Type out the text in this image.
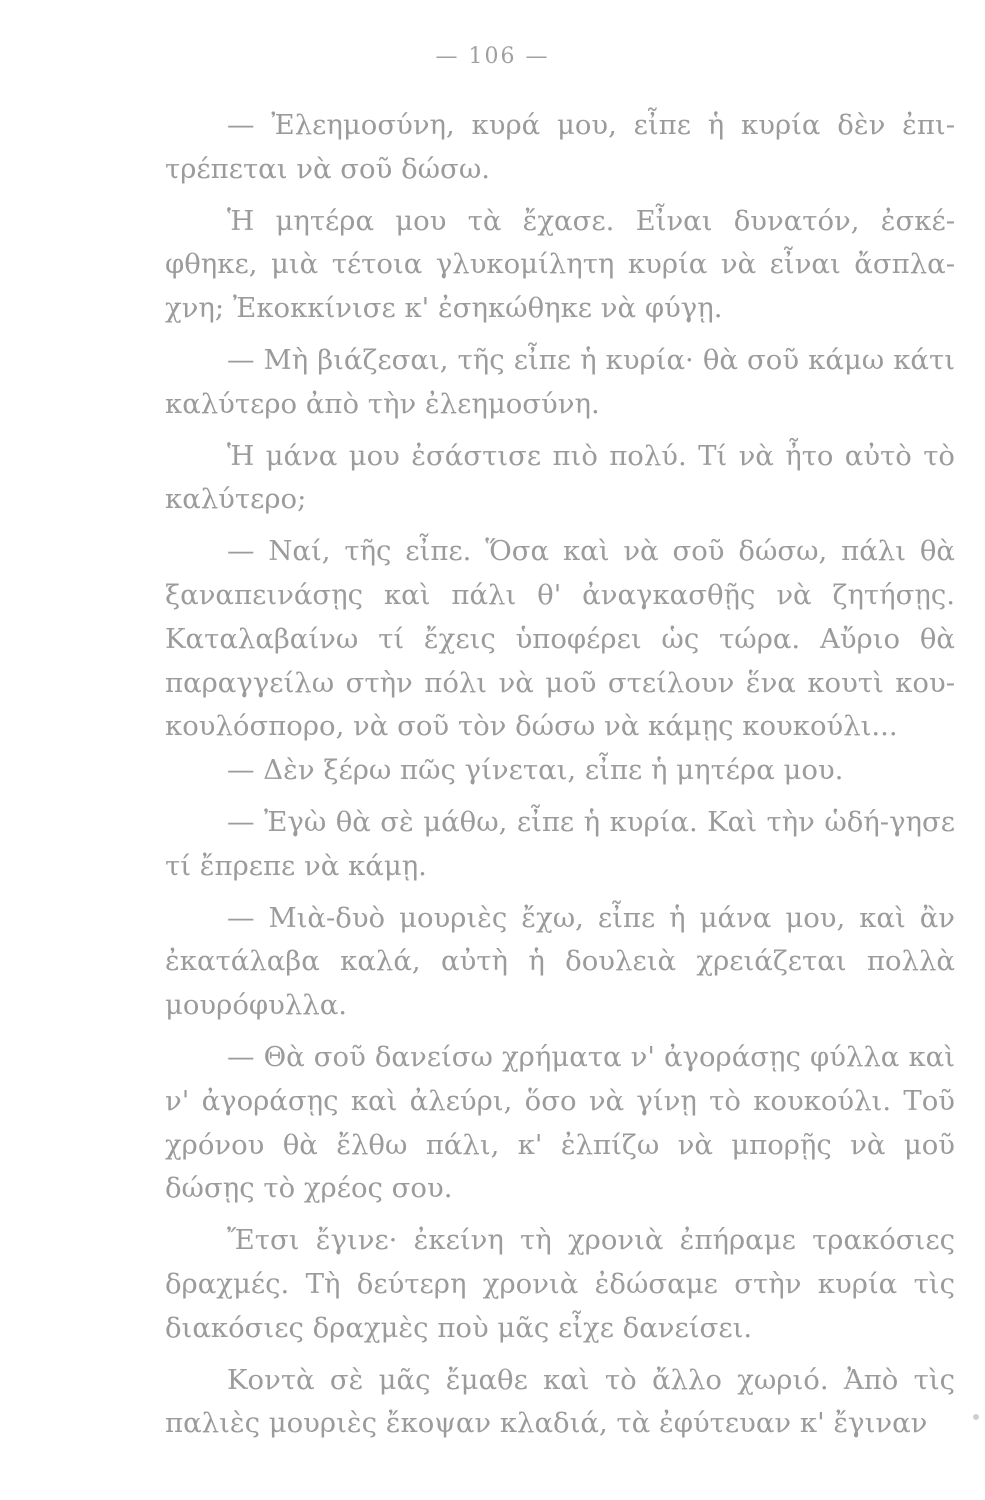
— 106 —

— Ἐλεημοσύνη, κυρά μου, εἶπε ἡ κυρία δὲν ἐπι-τρέπεται νὰ σοῦ δώσω.

Ἡ μητέρα μου τὰ ἔχασε. Εἶναι δυνατόν, ἐσκέ-φθηκε, μιὰ τέτοια γλυκομίλητη κυρία νὰ εἶναι ἄσπλα-χνη; Ἐκοκκίνισε κ' ἐσηκώθηκε νὰ φύγῃ.

— Μὴ βιάζεσαι, τῆς εἶπε ἡ κυρία· θὰ σοῦ κάμω κάτι καλύτερο ἀπὸ τὴν ἐλεημοσύνη.

Ἡ μάνα μου ἐσάστισε πιὸ πολύ. Τί νὰ ἦτο αὐτὸ τὸ καλύτερο;

— Ναί, τῆς εἶπε. Ὅσα καὶ νὰ σοῦ δώσω, πάλι θὰ ξαναπεινάσῃς καὶ πάλι θ' ἀναγκασθῇς νὰ ζητήσῃς. Καταλαβαίνω τί ἔχεις ὑποφέρει ὡς τώρα. Αὔριο θὰ παραγγείλω στὴν πόλι νὰ μοῦ στείλουν ἕνα κουτὶ κου-κουλόσπορο, νὰ σοῦ τὸν δώσω νὰ κάμῃς κουκούλι...

— Δὲν ξέρω πῶς γίνεται, εἶπε ἡ μητέρα μου.

— Ἐγὼ θὰ σὲ μάθω, εἶπε ἡ κυρία. Καὶ τὴν ὡδή-γησε τί ἔπρεπε νὰ κάμῃ.

— Μιὰ-δυὸ μουριὲς ἔχω, εἶπε ἡ μάνα μου, καὶ ἂν ἐκατάλαβα καλά, αὐτὴ ἡ δουλειὰ χρειάζεται πολλὰ μουρόφυλλα.

— Θὰ σοῦ δανείσω χρήματα ν' ἀγοράσῃς φύλλα καὶ ν' ἀγοράσῃς καὶ ἀλεύρι, ὅσο νὰ γίνῃ τὸ κουκούλι. Τοῦ χρόνου θὰ ἔλθω πάλι, κ' ἐλπίζω νὰ μπορῇς νὰ μοῦ δώσῃς τὸ χρέος σου.

Ἔτσι ἔγινε· ἐκείνη τὴ χρονιὰ ἐπήραμε τρακόσιες δραχμές. Τὴ δεύτερη χρονιὰ ἐδώσαμε στὴν κυρία τὶς διακόσιες δραχμὲς ποὺ μᾶς εἶχε δανείσει.

Κοντὰ σὲ μᾶς ἔμαθε καὶ τὸ ἄλλο χωριό. Ἀπὸ τὶς παλιὲς μουριὲς ἔκοψαν κλαδιά, τὰ ἐφύτευαν κ' ἔγιναν
